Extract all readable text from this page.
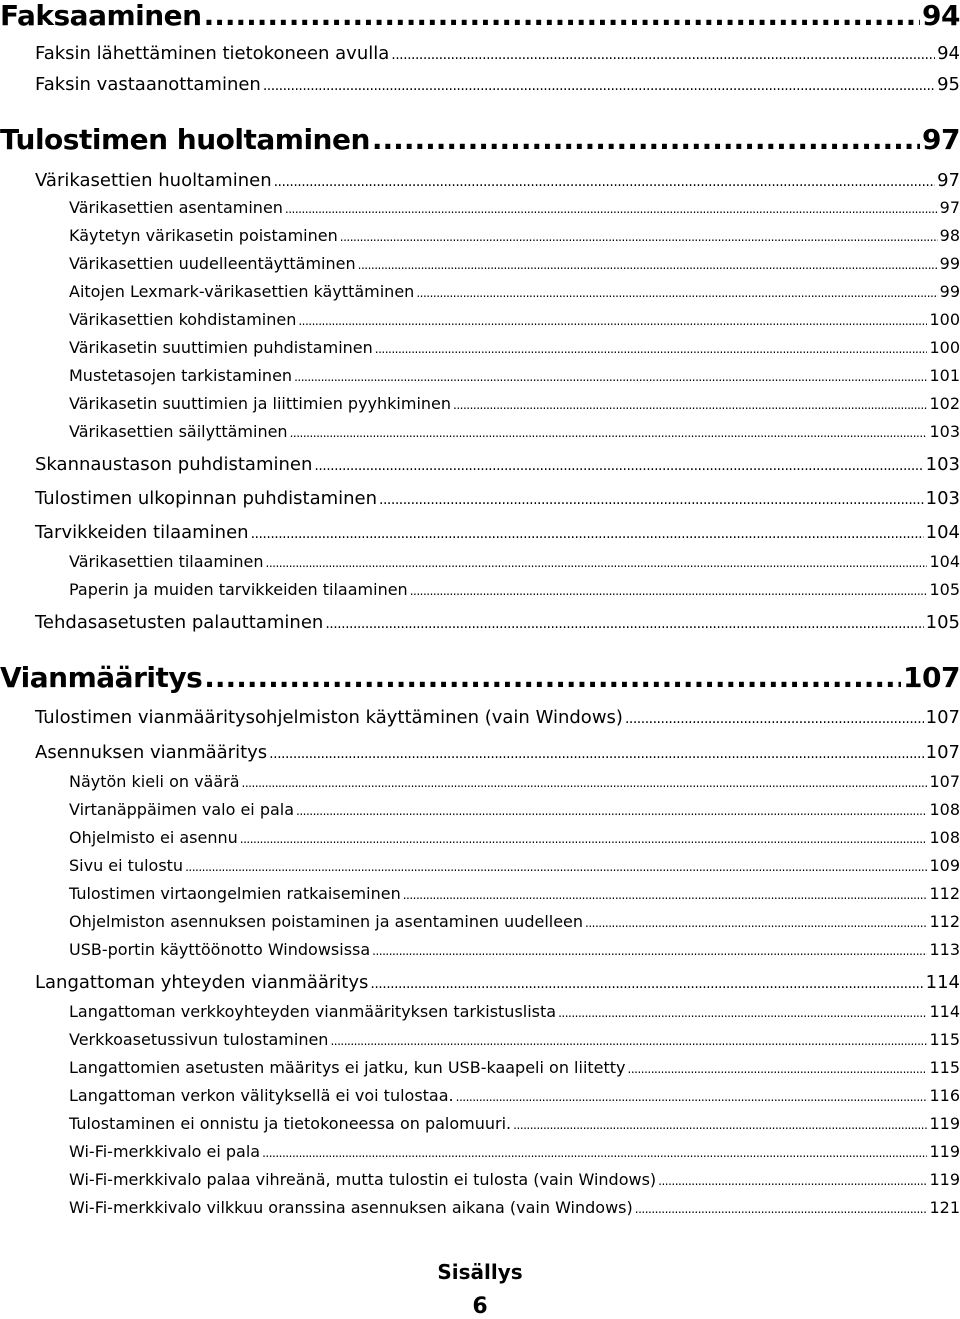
Faksaaminen .....	94
Faksin lähettäminen tietokoneen avulla .....	94
Faksin vastaanottaminen .....	95
Tulostimen huoltaminen .....	97
Värikasettien huoltaminen .....	97
Värikasettien asentaminen .....	97
Käytetyn värikasetin poistaminen .....	98
Värikasettien uudelleentäyttäminen .....	99
Aitojen Lexmark-värikasettien käyttäminen .....	99
Värikasettien kohdistaminen .....	100
Värikasetin suuttimien puhdistaminen .....	100
Mustetasojen tarkistaminen .....	101
Värikasetin suuttimien ja liittimien pyyhkiminen .....	102
Värikasettien säilyttäminen .....	103
Skannaustason puhdistaminen .....	103
Tulostimen ulkopinnan puhdistaminen .....	103
Tarvikkeiden tilaaminen .....	104
Värikasettien tilaaminen .....	104
Paperin ja muiden tarvikkeiden tilaaminen .....	105
Tehdasasetusten palauttaminen .....	105
Vianmääritys .....	107
Tulostimen vianmääritysohjelmiston käyttäminen (vain Windows) .....	107
Asennuksen vianmääritys .....	107
Näytön kieli on väärä .....	107
Virtanäppäimen valo ei pala .....	108
Ohjelmisto ei asennu .....	108
Sivu ei tulostu .....	109
Tulostimen virtaongelmien ratkaiseminen .....	112
Ohjelmiston asennuksen poistaminen ja asentaminen uudelleen .....	112
USB-portin käyttöönotto Windowsissa .....	113
Langattoman yhteyden vianmääritys .....	114
Langattoman verkkoyhteyden vianmäärityksen tarkistuslista .....	114
Verkkoasetussivun tulostaminen .....	115
Langattomien asetusten määritys ei jatku, kun USB-kaapeli on liitetty .....	115
Langattoman verkon välityksellä ei voi tulostaa. .....	116
Tulostaminen ei onnistu ja tietokoneessa on palomuuri. .....	119
Wi-Fi-merkkivalo ei pala .....	119
Wi-Fi-merkkivalo palaa vihreänä, mutta tulostin ei tulosta (vain Windows) .....	119
Wi-Fi-merkkivalo vilkkuu oranssina asennuksen aikana (vain Windows) .....	121
Sisällys
6
